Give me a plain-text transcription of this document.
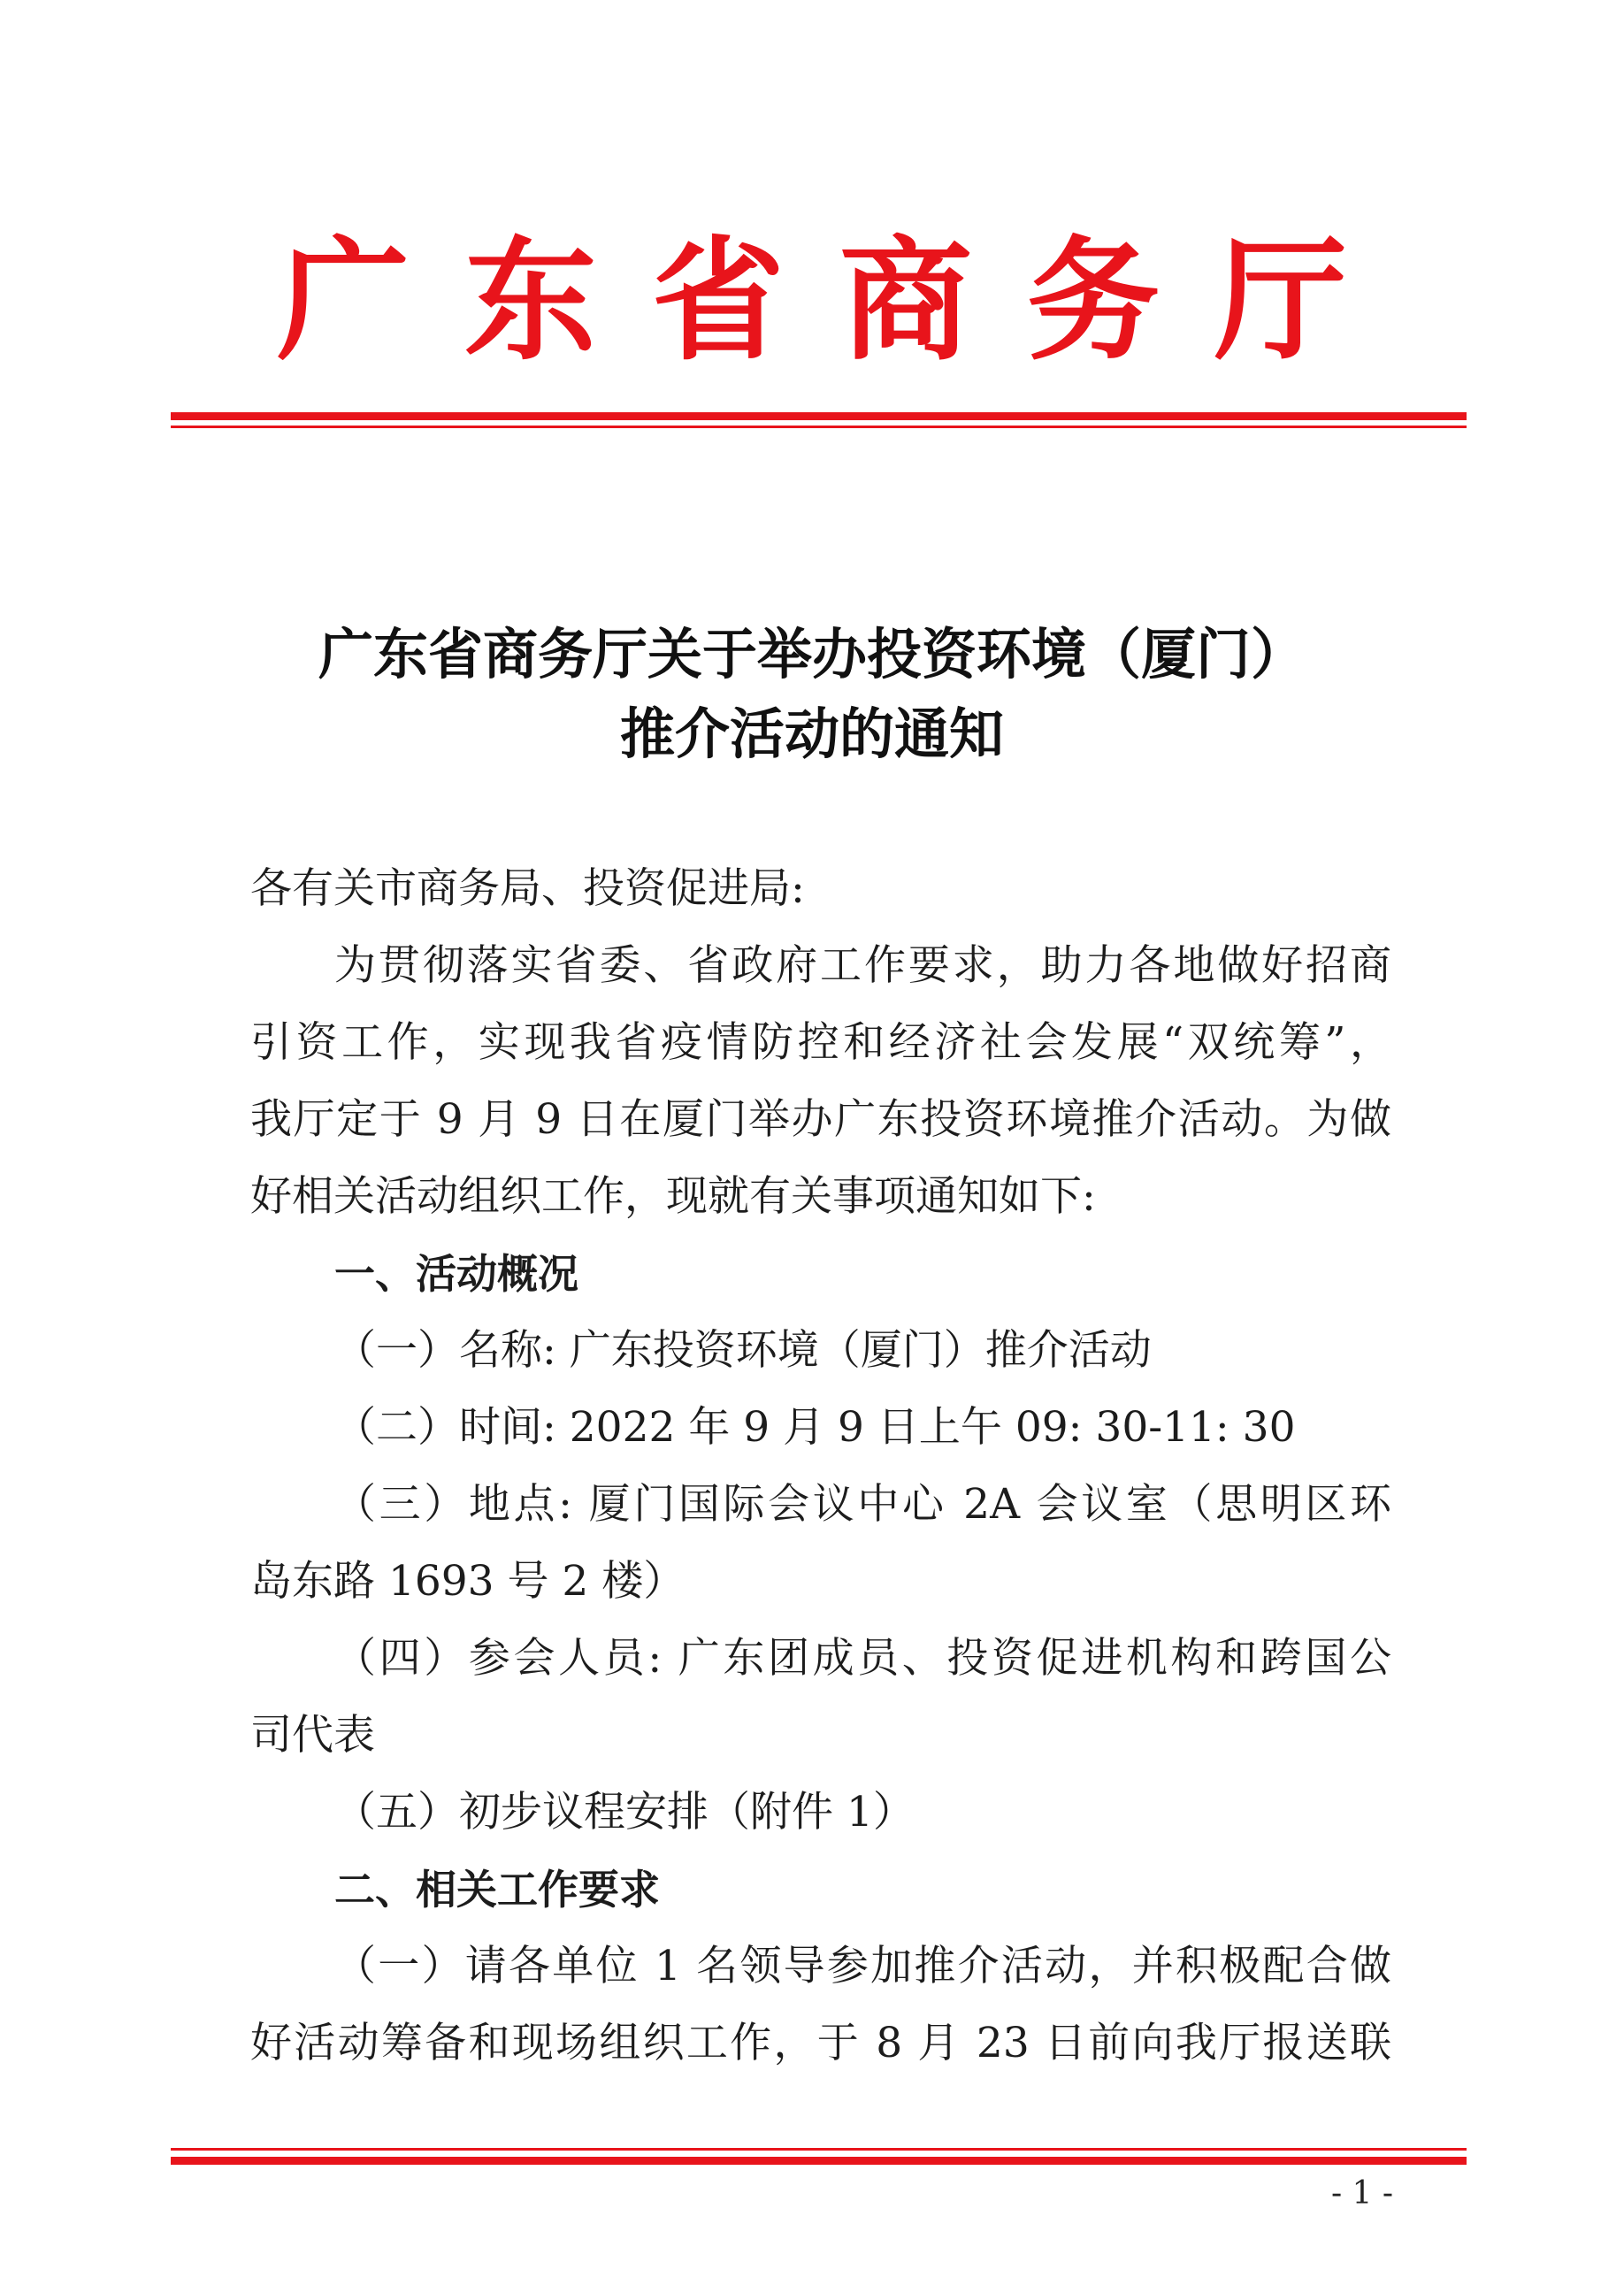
广东省商务厅
广东省商务厅关于举办投资环境（厦门）
推介活动的通知
各有关市商务局、投资促进局:
为贯彻落实省委、省政府工作要求，助力各地做好招商
引资工作，实现我省疫情防控和经济社会发展“双统筹”，
我厅定于 9 月 9 日在厦门举办广东投资环境推介活动。为做
好相关活动组织工作，现就有关事项通知如下:
一、活动概况
（一）名称: 广东投资环境（厦门）推介活动
（二）时间: 2022 年 9 月 9 日上午 09: 30-11: 30
（三）地点: 厦门国际会议中心 2A 会议室（思明区环
岛东路 1693 号 2 楼）
（四）参会人员: 广东团成员、投资促进机构和跨国公
司代表
（五）初步议程安排（附件 1）
二、相关工作要求
（一）请各单位 1 名领导参加推介活动，并积极配合做
好活动筹备和现场组织工作，于 8 月 23 日前向我厅报送联
- 1 -
